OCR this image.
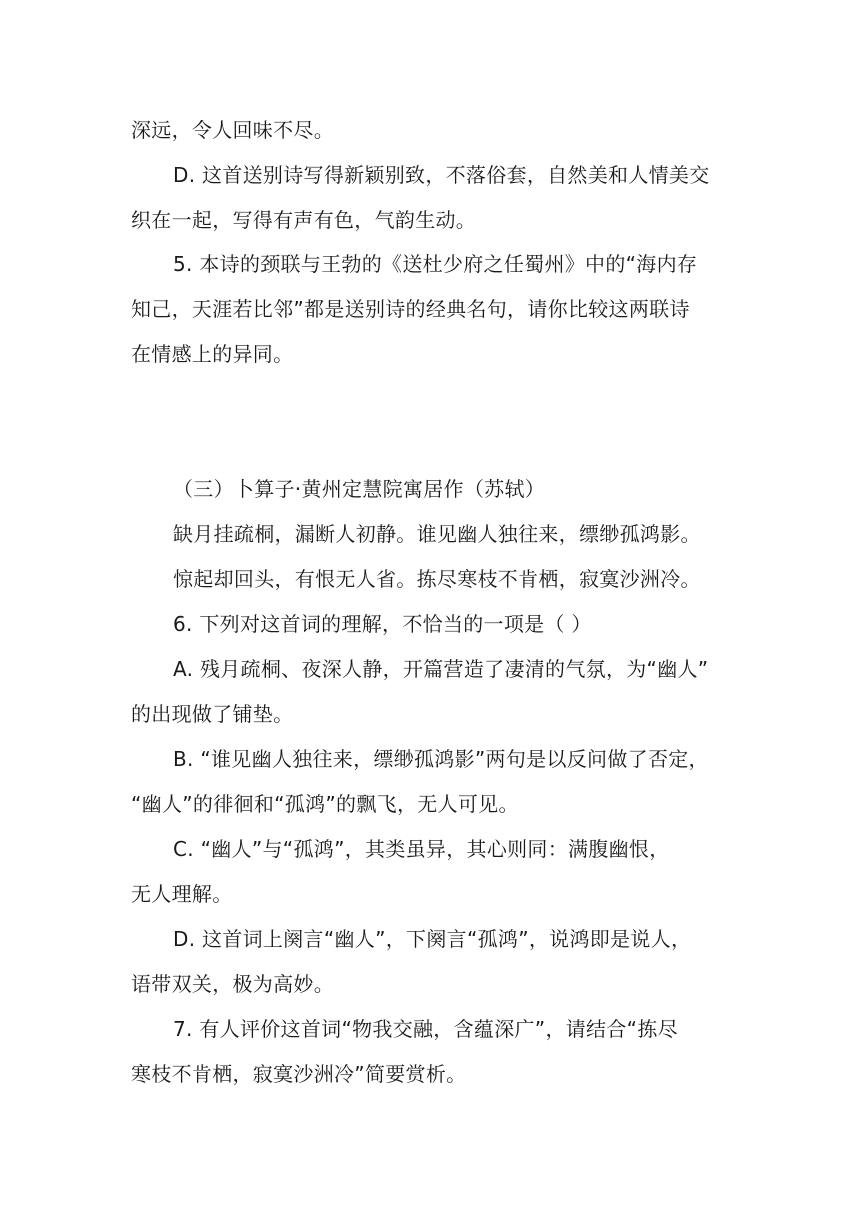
深远，令人回味不尽。
D. 这首送别诗写得新颖别致，不落俗套，自然美和人情美交
织在一起，写得有声有色，气韵生动。
5. 本诗的颈联与王勃的《送杜少府之任蜀州》中的“海内存
知己，天涯若比邻”都是送别诗的经典名句，请你比较这两联诗
在情感上的异同。
（三）卜算子·黄州定慧院寓居作（苏轼）
缺月挂疏桐，漏断人初静。谁见幽人独往来，缥缈孤鸿影。
惊起却回头，有恨无人省。拣尽寒枝不肯栖，寂寞沙洲冷。
6. 下列对这首词的理解，不恰当的一项是（ ）
A. 残月疏桐、夜深人静，开篇营造了凄清的气氛，为“幽人”
的出现做了铺垫。
B. “谁见幽人独往来，缥缈孤鸿影”两句是以反问做了否定，
“幽人”的徘徊和“孤鸿”的飘飞，无人可见。
C. “幽人”与“孤鸿”，其类虽异，其心则同：满腹幽恨，
无人理解。
D. 这首词上阕言“幽人”，下阕言“孤鸿”，说鸿即是说人，
语带双关，极为高妙。
7. 有人评价这首词“物我交融，含蕴深广”，请结合“拣尽
寒枝不肯栖，寂寞沙洲冷”简要赏析。
